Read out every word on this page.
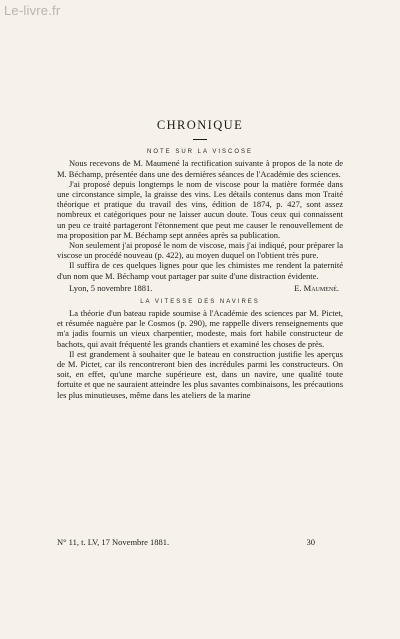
Le-livre.fr
CHRONIQUE
NOTE SUR LA VISCOSE

Nous recevons de M. Maumené la rectification suivante à propos de la note de M. Béchamp, présentée dans une des dernières séances de l'Académie des sciences.

J'ai proposé depuis longtemps le nom de viscose pour la matière formée dans une circonstance simple, la graisse des vins. Les détails contenus dans mon Traité théorique et pratique du travail des vins, édition de 1874, p. 427, sont assez nombreux et catégoriques pour ne laisser aucun doute. Tous ceux qui connaissent un peu ce traité partageront l'étonnement que peut me causer le renouvellement de ma proposition par M. Béchamp sept années après sa publication.

Non seulement j'ai proposé le nom de viscose, mais j'ai indiqué, pour préparer la viscose un procédé nouveau (p. 422), au moyen duquel on l'obtient très pure.

Il suffira de ces quelques lignes pour que les chimistes me rendent la paternité d'un nom que M. Béchamp vout partager par suite d'une distraction évidente.

Lyon, 5 novembre 1881.	E. Maumené.
LA VITESSE DES NAVIRES

La théorie d'un bateau rapide soumise à l'Académie des sciences par M. Pictet, et résumée naguère par le Cosmos (p. 290), me rappelle divers renseignements que m'a jadis fournis un vieux charpentier, modeste, mais fort habile constructeur de bachots, qui avait fréquenté les grands chantiers et examiné les choses de près.

Il est grandement à souhaiter que le bateau en construction justifie les aperçus de M. Pictet, car ils rencontreront bien des incrédules parmi les constructeurs. On soit, en effet, qu'une marche supérieure est, dans un navire, une qualité toute fortuite et que ne sauraient atteindre les plus savantes combinaisons, les précautions les plus minutieuses, même dans les ateliers de la marine

N° 11, t. LV, 17 Novembre 1881.	30
